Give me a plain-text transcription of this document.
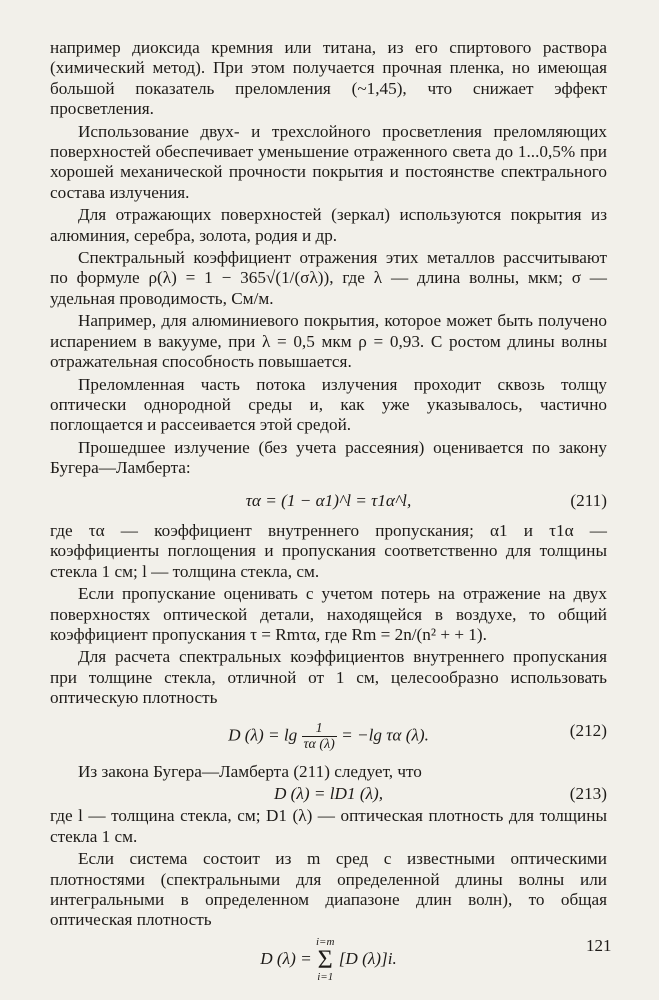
например диоксида кремния или титана, из его спиртового раствора (химический метод). При этом получается прочная пленка, но имеющая большой показатель преломления (~1,45), что снижает эффект просветления.

Использование двух- и трехслойного просветления преломляющих поверхностей обеспечивает уменьшение отраженного света до 1...0,5% при хорошей механической прочности покрытия и постоянстве спектрального состава излучения.

Для отражающих поверхностей (зеркал) используются покрытия из алюминия, серебра, золота, родия и др.

Спектральный коэффициент отражения этих металлов рассчитывают по формуле ρ(λ) = 1 − 365√(1/(σλ)), где λ — длина волны, мкм; σ — удельная проводимость, См/м.

Например, для алюминиевого покрытия, которое может быть получено испарением в вакууме, при λ = 0,5 мкм ρ = 0,93. С ростом длины волны отражательная способность повышается.

Преломленная часть потока излучения проходит сквозь толщу оптически однородной среды и, как уже указывалось, частично поглощается и рассеивается этой средой.

Прошедшее излучение (без учета рассеяния) оценивается по законy Бугера—Ламберта:

τα = (1 − α1)^l = τ1α^l,	(211)

где τα — коэффициент внутреннего пропускания; α1 и τ1α — коэффициенты поглощения и пропускания соответственно для толщины стекла 1 см; l — толщина стекла, см.

Если пропускание оценивать с учетом потерь на отражение на двух поверхностях оптической детали, находящейся в воздухе, то общий коэффициент пропускания τ = Rmτα, где Rm = 2n/(n² + + 1).

Для расчета спектральных коэффициентов внутреннего пропускания при толщине стекла, отличной от 1 см, целесообразно использовать оптическую плотность

D $(\lambda) = \lg \frac{1}{\tau\alpha (\lambda)} = -\lg$ τα (λ).	(212)

Из закона Бугера—Ламберта (211) следует, что

D (λ) = lD1 (λ),	(213)

где l — толщина стекла, см; D1 (λ) — оптическая плотность для толщины стекла 1 см.

Если система состоит из m сред с известными оптическими плотностями (спектральными для определенной длины волны или интегральными в определенном диапазоне длин волн), то общая оптическая плотность

D (λ) = i=m
Σ
i=1 [D (λ)]i.
121
